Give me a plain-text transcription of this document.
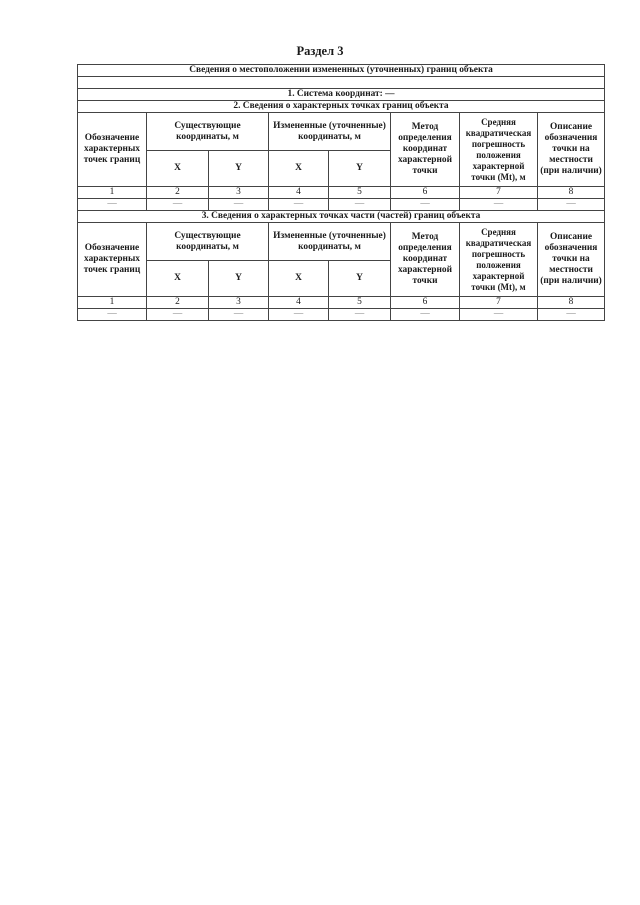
Раздел 3
Сведения о местоположении измененных (уточненных) границ объекта							

1. Система координат: —							
2. Сведения о характерных точках границ объекта							
Обозначение характерных точек границ	Существующие координаты, м		Измененные (уточненные) координаты, м		Метод определения координат характерной точки	Средняя квадратическая погрешность положения характерной точки (Mt), м	Описание обозначения точки на местности (при наличии)
	X	Y	X	Y			
1	2	3	4	5	6	7	8
—	—	—	—	—	—	—	—
3. Сведения о характерных точках части (частей) границ объекта							
Обозначение характерных точек границ	Существующие координаты, м		Измененные (уточненные) координаты, м		Метод определения координат характерной точки	Средняя квадратическая погрешность положения характерной точки (Mt), м	Описание обозначения точки на местности (при наличии)
	X	Y	X	Y			
1	2	3	4	5	6	7	8
—	—	—	—	—	—	—	—
